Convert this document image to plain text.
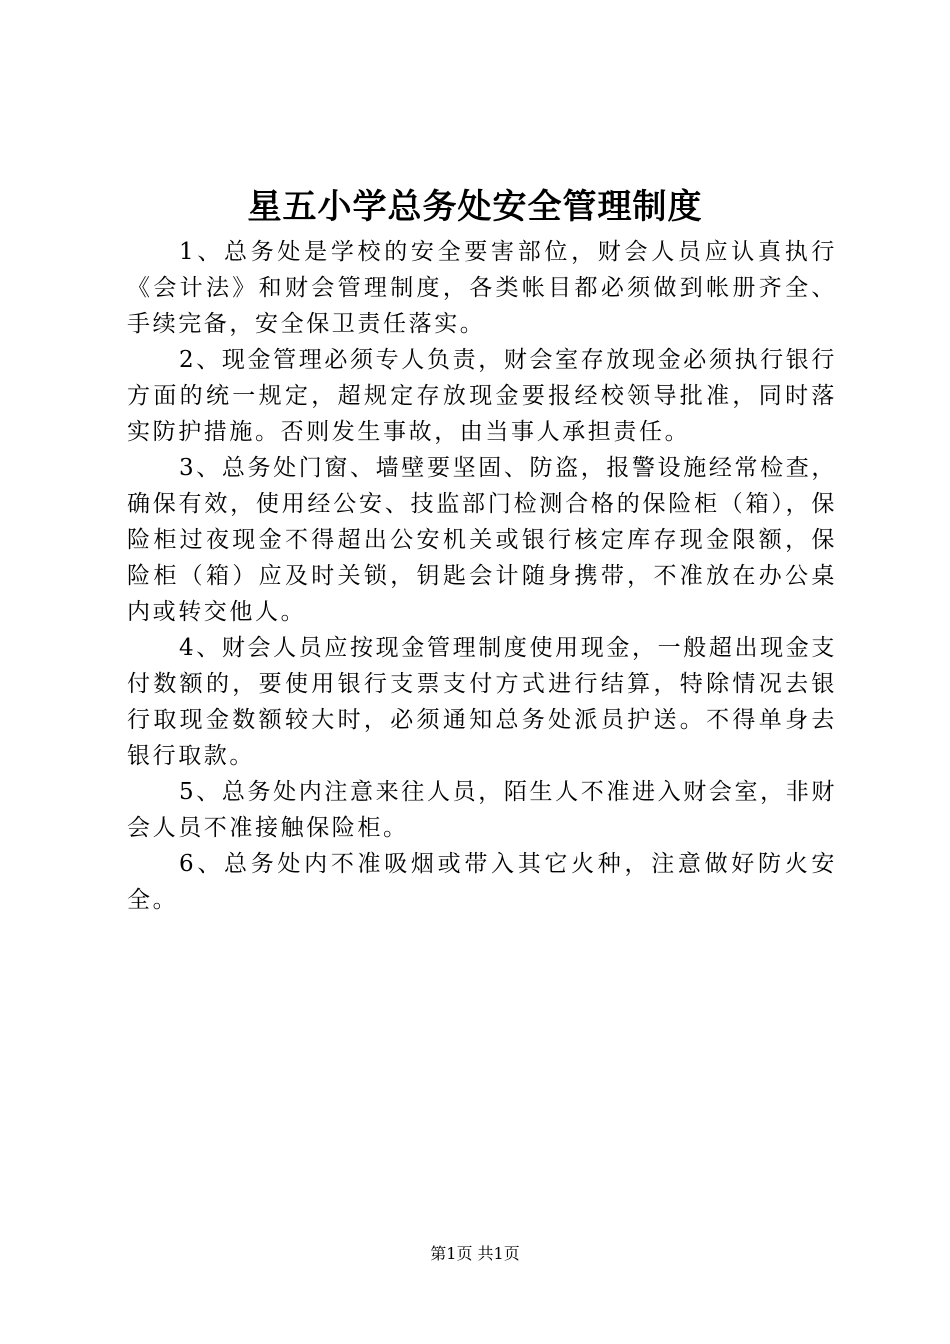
星五小学总务处安全管理制度

1、总务处是学校的安全要害部位，财会人员应认真执行《会计法》和财会管理制度，各类帐目都必须做到帐册齐全、手续完备，安全保卫责任落实。

2、现金管理必须专人负责，财会室存放现金必须执行银行方面的统一规定，超规定存放现金要报经校领导批准，同时落实防护措施。否则发生事故，由当事人承担责任。

3、总务处门窗、墙壁要坚固、防盗，报警设施经常检查，确保有效，使用经公安、技监部门检测合格的保险柜（箱），保险柜过夜现金不得超出公安机关或银行核定库存现金限额，保险柜（箱）应及时关锁，钥匙会计随身携带，不准放在办公桌内或转交他人。

4、财会人员应按现金管理制度使用现金，一般超出现金支付数额的，要使用银行支票支付方式进行结算，特除情况去银行取现金数额较大时，必须通知总务处派员护送。不得单身去银行取款。

5、总务处内注意来往人员，陌生人不准进入财会室，非财会人员不准接触保险柜。

6、总务处内不准吸烟或带入其它火种，注意做好防火安全。

第1页 共1页
